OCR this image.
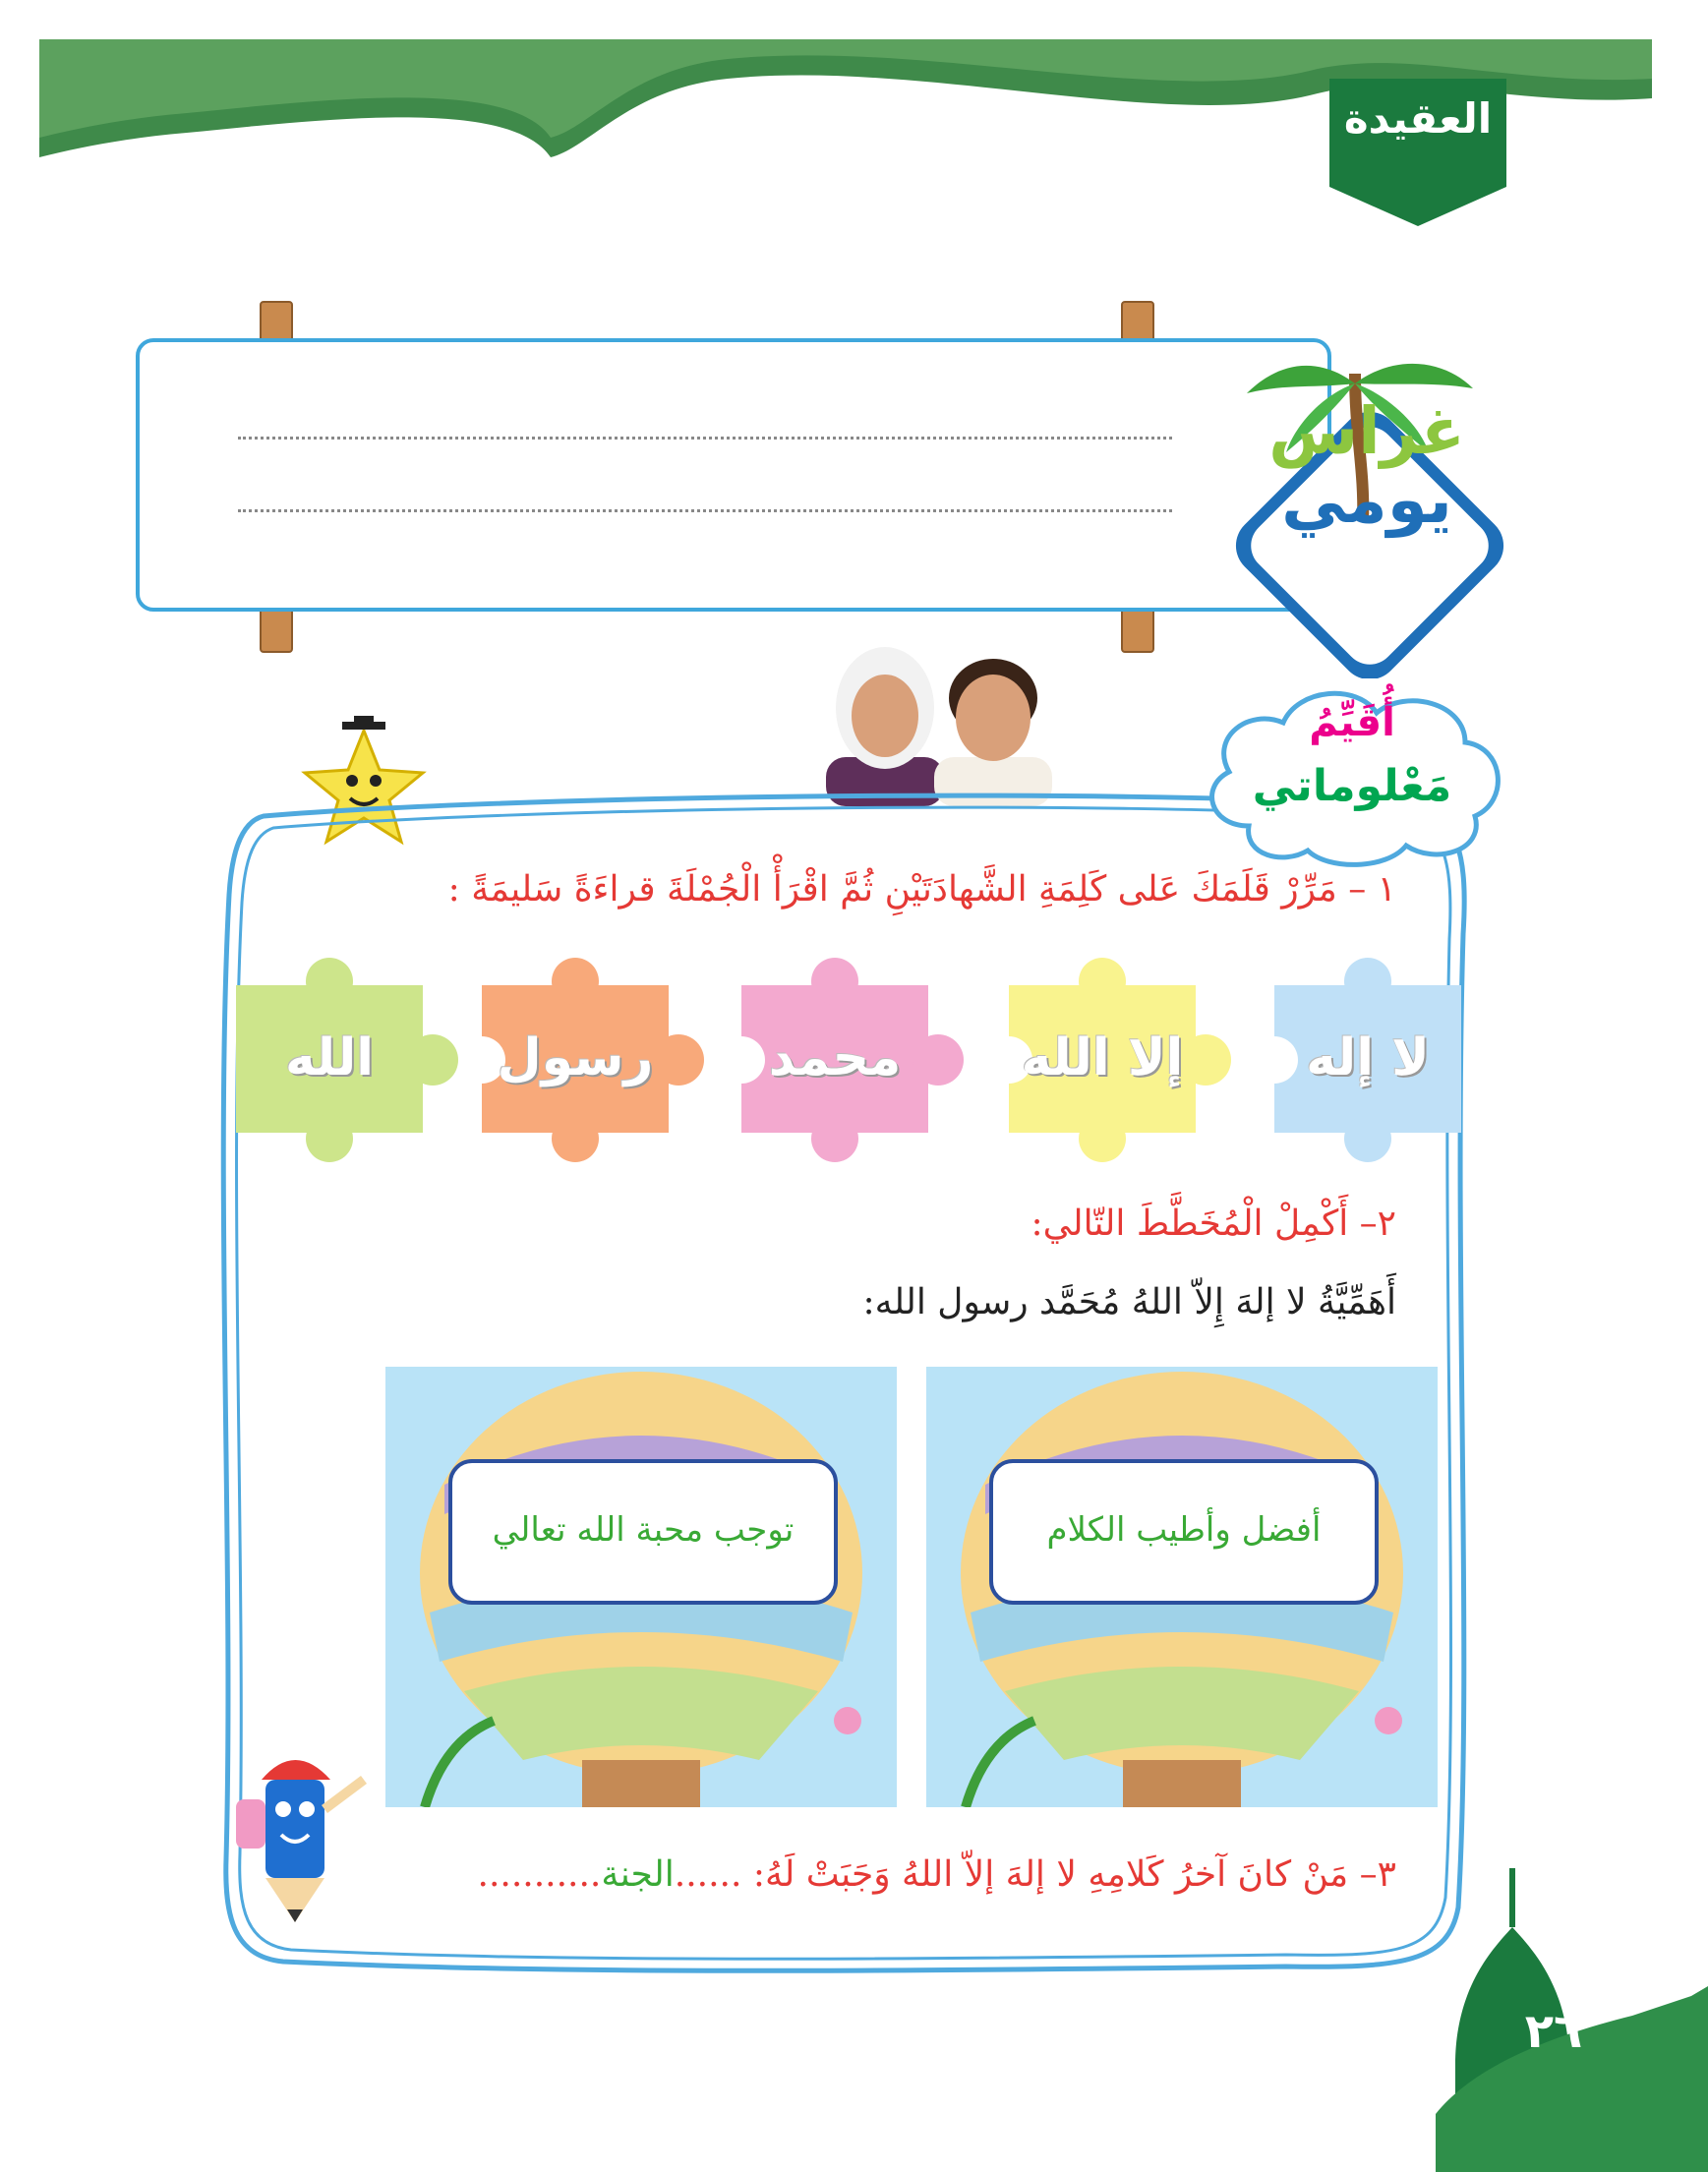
العقيدة
غراس
يومي
أُقَيِّمُ
مَعْلوماتي
١ – مَرِّرْ قَلَمَكَ عَلى كَلِمَةِ الشَّهادَتَيْنِ ثُمَّ اقْرَأْ الْجُمْلَةَ قراءَةً سَليمَةً :
لا إله
إلا الله
محمد
رسول
الله
٢– أَكْمِلْ الْمُخَطَّطَ التّالي:
أَهَمِّيَّةُ لا إلهَ إِلاّ اللهُ مُحَمَّد رسول الله:
أفضل وأطيب الكلام
توجب محبة الله تعالي
٣– مَنْ كانَ آخرُ كَلامِهِ لا إلهَ إلاّ اللهُ وَجَبَتْ لَهُ: ......الجنة...........
٢٦
